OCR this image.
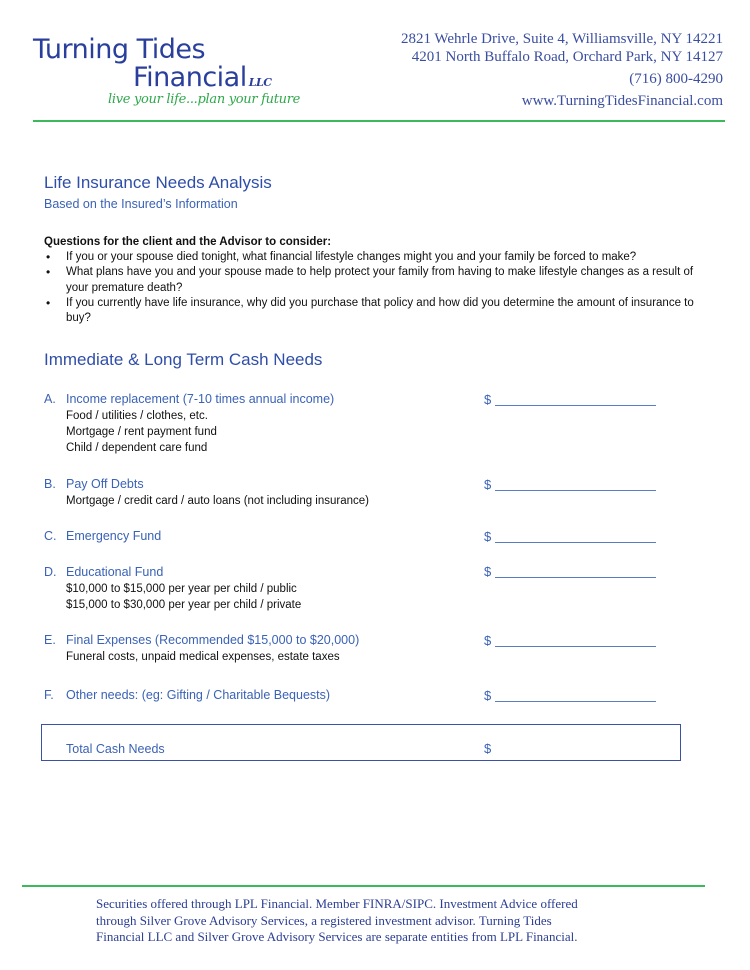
Turning Tides
Financial LLC
live your life...plan your future
2821 Wehrle Drive, Suite 4, Williamsville, NY 14221
4201 North Buffalo Road, Orchard Park, NY 14127
(716) 800-4290
www.TurningTidesFinancial.com
Life Insurance Needs Analysis
Based on the Insured’s Information
Questions for the client and the Advisor to consider:
• If you or your spouse died tonight, what financial lifestyle changes might you and your family be forced to make?
• What plans have you and your spouse made to help protect your family from having to make lifestyle changes as a result of your premature death?
• If you currently have life insurance, why did you purchase that policy and how did you determine the amount of insurance to buy?
Immediate & Long Term Cash Needs
A. Income replacement (7-10 times annual income)
Food / utilities / clothes, etc.
Mortgage / rent payment fund
Child / dependent care fund
$
B. Pay Off Debts
Mortgage / credit card / auto loans (not including insurance)
$
C. Emergency Fund	$
D. Educational Fund
$10,000 to $15,000 per year per child / public
$15,000 to $30,000 per year per child / private
$
E. Final Expenses (Recommended $15,000 to $20,000)
Funeral costs, unpaid medical expenses, estate taxes
$
F. Other needs: (eg: Gifting / Charitable Bequests)	$
Total Cash Needs	$
Securities offered through LPL Financial. Member FINRA/SIPC. Investment Advice offered
through Silver Grove Advisory Services, a registered investment advisor. Turning Tides
Financial LLC and Silver Grove Advisory Services are separate entities from LPL Financial.
